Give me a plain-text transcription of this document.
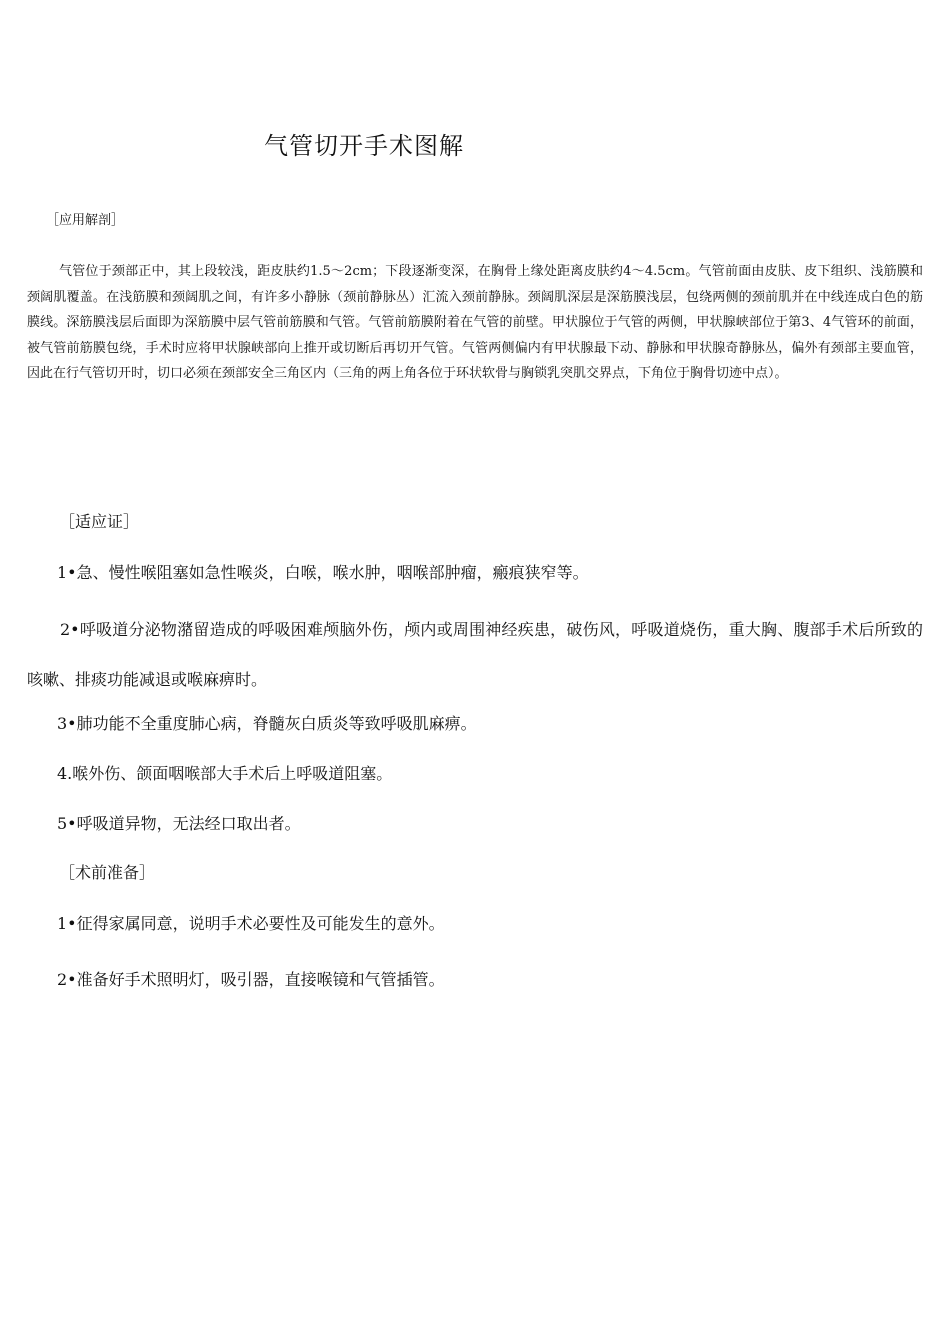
气管切开手术图解

［应用解剖］

气管位于颈部正中，其上段较浅，距皮肤约1.5～2cm；下段逐渐变深，在胸骨上缘处距离皮肤约4～4.5cm。气管前面由皮肤、皮下组织、浅筋膜和颈阔肌覆盖。在浅筋膜和颈阔肌之间，有许多小静脉（颈前静脉丛）汇流入颈前静脉。颈阔肌深层是深筋膜浅层，包绕两侧的颈前肌并在中线连成白色的筋膜线。深筋膜浅层后面即为深筋膜中层气管前筋膜和气管。气管前筋膜附着在气管的前壁。甲状腺位于气管的两侧，甲状腺峡部位于第3、4气管环的前面，被气管前筋膜包绕，手术时应将甲状腺峡部向上推开或切断后再切开气管。气管两侧偏内有甲状腺最下动、静脉和甲状腺奇静脉丛，偏外有颈部主要血管，因此在行气管切开时，切口必须在颈部安全三角区内（三角的两上角各位于环状软骨与胸锁乳突肌交界点，下角位于胸骨切迹中点）。

［适应证］

1•急、慢性喉阻塞如急性喉炎，白喉，喉水肿，咽喉部肿瘤，瘢痕狭窄等。

2•呼吸道分泌物潴留造成的呼吸困难颅脑外伤，颅内或周围神经疾患，破伤风，呼吸道烧伤，重大胸、腹部手术后所致的咳嗽、排痰功能减退或喉麻痹时。

3•肺功能不全重度肺心病，脊髓灰白质炎等致呼吸肌麻痹。

4.喉外伤、颌面咽喉部大手术后上呼吸道阻塞。

5•呼吸道异物，无法经口取出者。

［术前准备］

1•征得家属同意，说明手术必要性及可能发生的意外。

2•准备好手术照明灯，吸引器，直接喉镜和气管插管。
